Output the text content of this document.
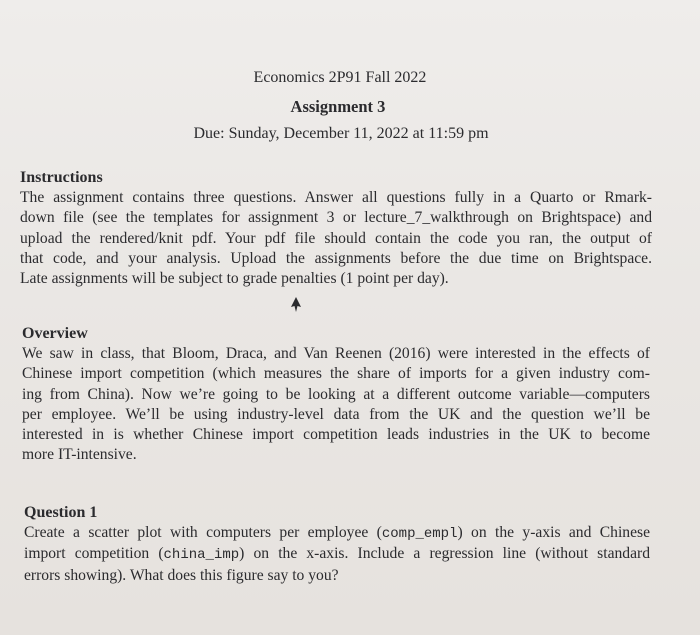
Economics 2P91 Fall 2022
Assignment 3
Due: Sunday, December 11, 2022 at 11:59 pm
Instructions

The assignment contains three questions. Answer all questions fully in a Quarto or Rmark-
down file (see the templates for assignment 3 or lecture_7_walkthrough on Brightspace) and
upload the rendered/knit pdf. Your pdf file should contain the code you ran, the output of
that code, and your analysis. Upload the assignments before the due time on Brightspace.
Late assignments will be subject to grade penalties (1 point per day).

Overview

We saw in class, that Bloom, Draca, and Van Reenen (2016) were interested in the effects of
Chinese import competition (which measures the share of imports for a given industry com-
ing from China). Now we’re going to be looking at a different outcome variable—computers
per employee. We’ll be using industry-level data from the UK and the question we’ll be
interested in is whether Chinese import competition leads industries in the UK to become
more IT-intensive.

Question 1

Create a scatter plot with computers per employee (comp_empl) on the y-axis and Chinese
import competition (china_imp) on the x-axis. Include a regression line (without standard
errors showing). What does this figure say to you?
